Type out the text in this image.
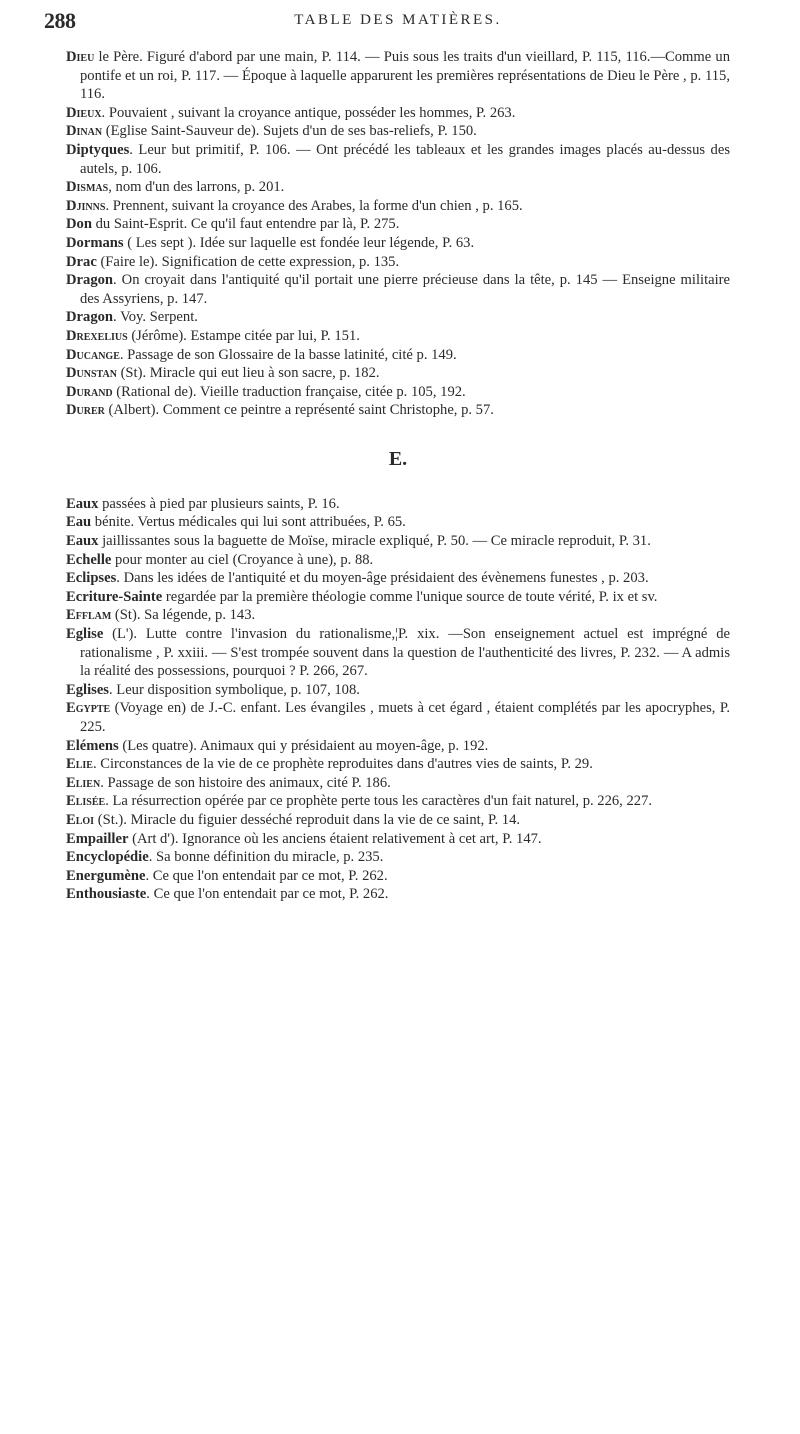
288	TABLE DES MATIÈRES.

Dieu le Père. Figuré d'abord par une main, P. 114. — Puis sous les traits d'un vieillard, P. 115, 116.—Comme un pontife et un roi, P. 117. — Époque à laquelle apparurent les premières représentations de Dieu le Père , p. 115, 116.

Dieux. Pouvaient , suivant la croyance antique, posséder les hommes, P. 263.

Dinan (Eglise Saint-Sauveur de). Sujets d'un de ses bas-reliefs, P. 150.

Diptyques. Leur but primitif, P. 106. — Ont précédé les tableaux et les grandes images placés au-dessus des autels, p. 106.

Dismas, nom d'un des larrons, p. 201.

Djinns. Prennent, suivant la croyance des Arabes, la forme d'un chien , p. 165.

Don du Saint-Esprit. Ce qu'il faut entendre par là, P. 275.

Dormans ( Les sept ). Idée sur laquelle est fondée leur légende, P. 63.

Drac (Faire le). Signification de cette expression, p. 135.

Dragon. On croyait dans l'antiquité qu'il portait une pierre précieuse dans la tête, p. 145 — Enseigne militaire des Assyriens, p. 147.

Dragon. Voy. Serpent.

Drexelius (Jérôme). Estampe citée par lui, P. 151.

Ducange. Passage de son Glossaire de la basse latinité, cité p. 149.

Dunstan (St). Miracle qui eut lieu à son sacre, p. 182.

Durand (Rational de). Vieille traduction française, citée p. 105, 192.

Durer (Albert). Comment ce peintre a représenté saint Christophe, p. 57.

E.

Eaux passées à pied par plusieurs saints, P. 16.

Eau bénite. Vertus médicales qui lui sont attribuées, P. 65.

Eaux jaillissantes sous la baguette de Moïse, miracle expliqué, P. 50. — Ce miracle reproduit, P. 31.

Echelle pour monter au ciel (Croyance à une), p. 88.

Eclipses. Dans les idées de l'antiquité et du moyen-âge présidaient des évènemens funestes , p. 203.

Ecriture-Sainte regardée par la première théologie comme l'unique source de toute vérité, P. ix et sv.

Efflam (St). Sa légende, p. 143.

Eglise (L'). Lutte contre l'invasion du rationalisme,¦P. xix. —Son enseignement actuel est imprégné de rationalisme , P. xxiii. — S'est trompée souvent dans la question de l'authenticité des livres, P. 232. — A admis la réalité des possessions, pourquoi ? P. 266, 267.

Eglises. Leur disposition symbolique, p. 107, 108.

Egypte (Voyage en) de J.-C. enfant. Les évangiles , muets à cet égard , étaient complétés par les apocryphes, P. 225.

Elémens (Les quatre). Animaux qui y présidaient au moyen-âge, p. 192.

Elie. Circonstances de la vie de ce prophète reproduites dans d'autres vies de saints, P. 29.

Elien. Passage de son histoire des animaux, cité P. 186.

Elisée. La résurrection opérée par ce prophète perte tous les caractères d'un fait naturel, p. 226, 227.

Eloi (St.). Miracle du figuier desséché reproduit dans la vie de ce saint, P. 14.

Empailler (Art d'). Ignorance où les anciens étaient relativement à cet art, P. 147.

Encyclopédie. Sa bonne définition du miracle, p. 235.

Energumène. Ce que l'on entendait par ce mot, P. 262.

Enthousiaste. Ce que l'on entendait par ce mot, P. 262.
